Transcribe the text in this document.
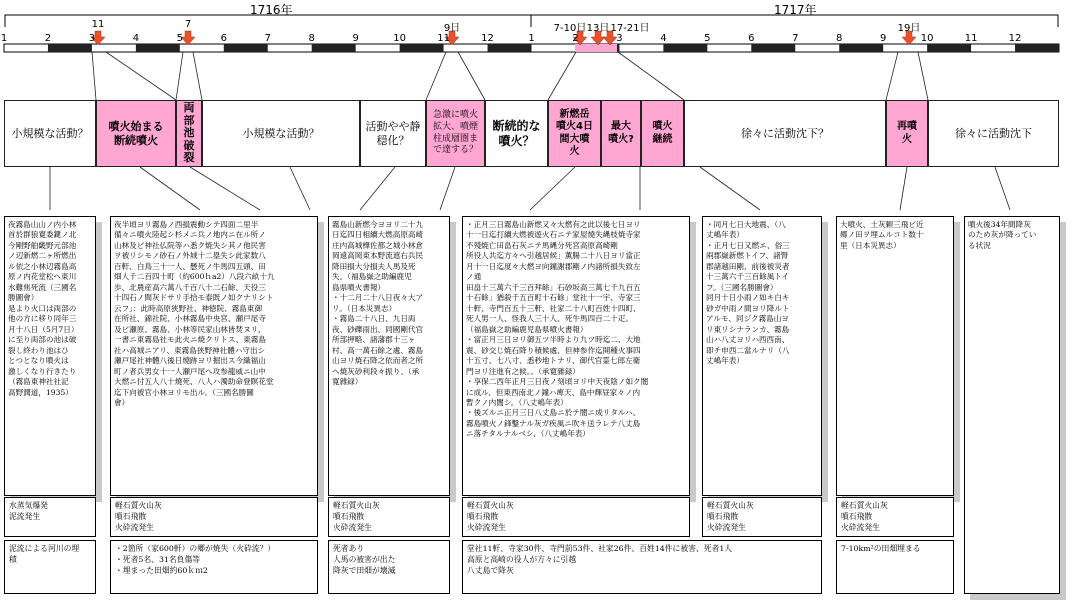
1716年	1717年
1	2	3	4	5	6	7	8	9	10	11	12	1	2	3	4	5	6	7	8	9	10	11	12
11	7	9日	7-10日 13日 17-21日	19日
小規模な活動？
噴火始まる
断続噴火
両
部
池
破
裂
小規模な活動？
活動やや静
穏化？
急激に噴火
拡大、噴煙
柱成層圏ま
で達する？
断続的な
噴火？
新燃岳
噴火4日
間大噴
火
最大
噴火?
噴火
継続	徐々に活動沈下？
再噴
火	徐々に活動沈下

夜霧島山山ノ内小林
首於群狼寛委鍵ノ北
今剛野舶畿野元部池
ノ辺新燃二ヶ所燃出
ル依之小林辺霧島高
原ノ内花堂松ヘ東川
水難焦死流（三國名
勝圖會）
是より火口は両部の
他の方に移り同年三
月十八日（5月7日）
に至り両部の池は破
裂し終わり池はひ
とつとなり噴火は
激しくなり行きたり
（霧島東神社社記
高野潤道，1935）

夜半頃ヨリ霧島ノ西損震動シテ四面二里半
備々ニ噴火陸起シ杉メニ兵ノ地内ニ在ル所ノ
山林及ビ神社仏院等ハ悉ク焼失シ其ノ他民害
ヲ被リシモノ砂石ノ外城十二塁失シ此家数八
百軒、白鳥三十一人、懸死ノ牛馬四五頭、田
畑人千二百四十町（約600ｈa2）八段六畝十九
歩、北農産高六萬八千百八十二石餘、天役三
十四石ノ間灰ドサリ手拾モ泰既ノ如クナリシト
云フ」：此時高原狭野社、神徳院、霧島東御
在所社、錦社院、小林霧島中央宮、瀬戸尾寺
及ビ瀬原、霧島、小林等民家山林皆焚ヌリ、
一書ニ東霧島社モ此火ニ焼クリトス、東霧島
社ハ高城ニアリ、東霧島狭野神社體ハ守出シ
瀬戸尾社神體八後日燒跡ヨリ掘出ス今織福山
町ノ者兵男女十一人瀬戸尾へ攻参龍威ニ山中
大燃ニ付五人八十燒死、八人ハ濁助命登瞑花堂
迄下向被官小林ヨリモ出ル。（三國名勝圖
會）

霧島山新燃今ヨヨリ二十九
日迄四日相續大燃高原高崎
庄内高城樺佐都之城小林倉
岡遠高岡東本野流遮右兵民
降田損大分損夫人馬及死
失。（福島嶽之助編鹿児
島県噴火書報）
・十二月二十八日夜々大ア
リ。（日本災異志）
・霧島二十八日、九日両
夜、砂礫雨出、同國剛代官
所部押略、諸藩郡十三ヶ
村、高一萬石餘之處、霧島
山ヨリ焼石降之依而者之所
へ焼灰砂利段々振り、（承
寛雜録）

・正月三日霧島山新燃又々大燃有之此以後七日ヨリ
十一日迄打續大燃被遊火石ニテ家屋燒失縄枝焼寺家
不殘焼亡田畠石灰ニテ馬縄分死宮高原高崎剛
所役人共迄方々へ引越居候」薫腸二十八日ヨリ當正
月十一日迄度々大燃ヨ向鐘謝郡剛ノ内諸所損失致左
ノ通
田畠十三萬六千三百拜餘」石砂坂高三萬七千九百五
十石餘」猶殺千五百町十石餘」堂社十一宇、寺家三
十軒、寺門百五十三軒、社家二十八町百姓十四町、
死人男一人、怪我人三十人、死牛馬四百二十疋。
（福島嶽之助編鹿児島県噴火書報）
・富正月三日ヨリ御五ツ半時より九ツ時迄二、大地
震、砂交じ焼石降り積候處、但神参作迄開種火事四
十五寸、七八寸、悉秒地トナリ、御代官霊七郎左衛
門ヨリ注進有之候。。（承寛雜録）
・享保二西年正月三日夜ノ刻頃ヨリ中天夜陰ノ如ク闇
に成ル、但東西南北ノ鐘ハ痺天、島中輝昼家々ノ内
暫クノ内闇シ。（八丈嶋年表）
・後ズルニ正月三日八丈島ニ於テ闇ニ成リタルハ、
霧島噴火ノ鋒鑿ナル灰ガ疾風ニ吹キ送ラレテ八丈島
ニ落チタルナルベシ、（八丈嶋年表）

・同月七日大地震、（八
丈嶋年表）
・正月七日又燃エ、俗三
兩郡嶽新燃トイフ、諸腎
郡諸越田剛、前後被災者
十三萬六千三百餘風トイ
フ。（三國名勝圖會）
同月十日小雨ノ如キ白キ
砂ガ中雨ノ間ヨリ降ルト
アルモ、同ジク霧島山ヨ
リ東リシナランカ、霧島
山ハ八丈ヨリハ西西南、
即チ申西二當ルナリ（八
丈嶋年表）

大噴火、土灰頼三飛ビ近
郷ノ田ヲ埋ムルコト数十
里（日本災異志）

噴火後34年間降灰
のため灰が降ってい
る状況

水蒸気爆発
泥流発生
軽石質火山灰
噴石飛散
火砕流発生
軽石質火山灰
噴石飛散
火砕流発生
軽石質火山灰
噴石飛散
火砕流発生
軽石質火山灰
噴石飛散
火砕流発生
軽石質火山灰
噴石飛散
火砕流発生
泥流による河川の埋
積
・2箇所（家600軒）の郷が焼失（火砕流？）
・死者5名、31名負傷等
・埋まった田畑約60ｋｍ2
死者あり
人馬の被害が出た
降灰で田畑が壊滅
堂社11軒、寺家30件、寺門前53件、社家26件、百姓14件に被害、死者1人
高原と高崎の役人が方々に引越
八丈島で降灰
7-10km²の田畑埋まる
